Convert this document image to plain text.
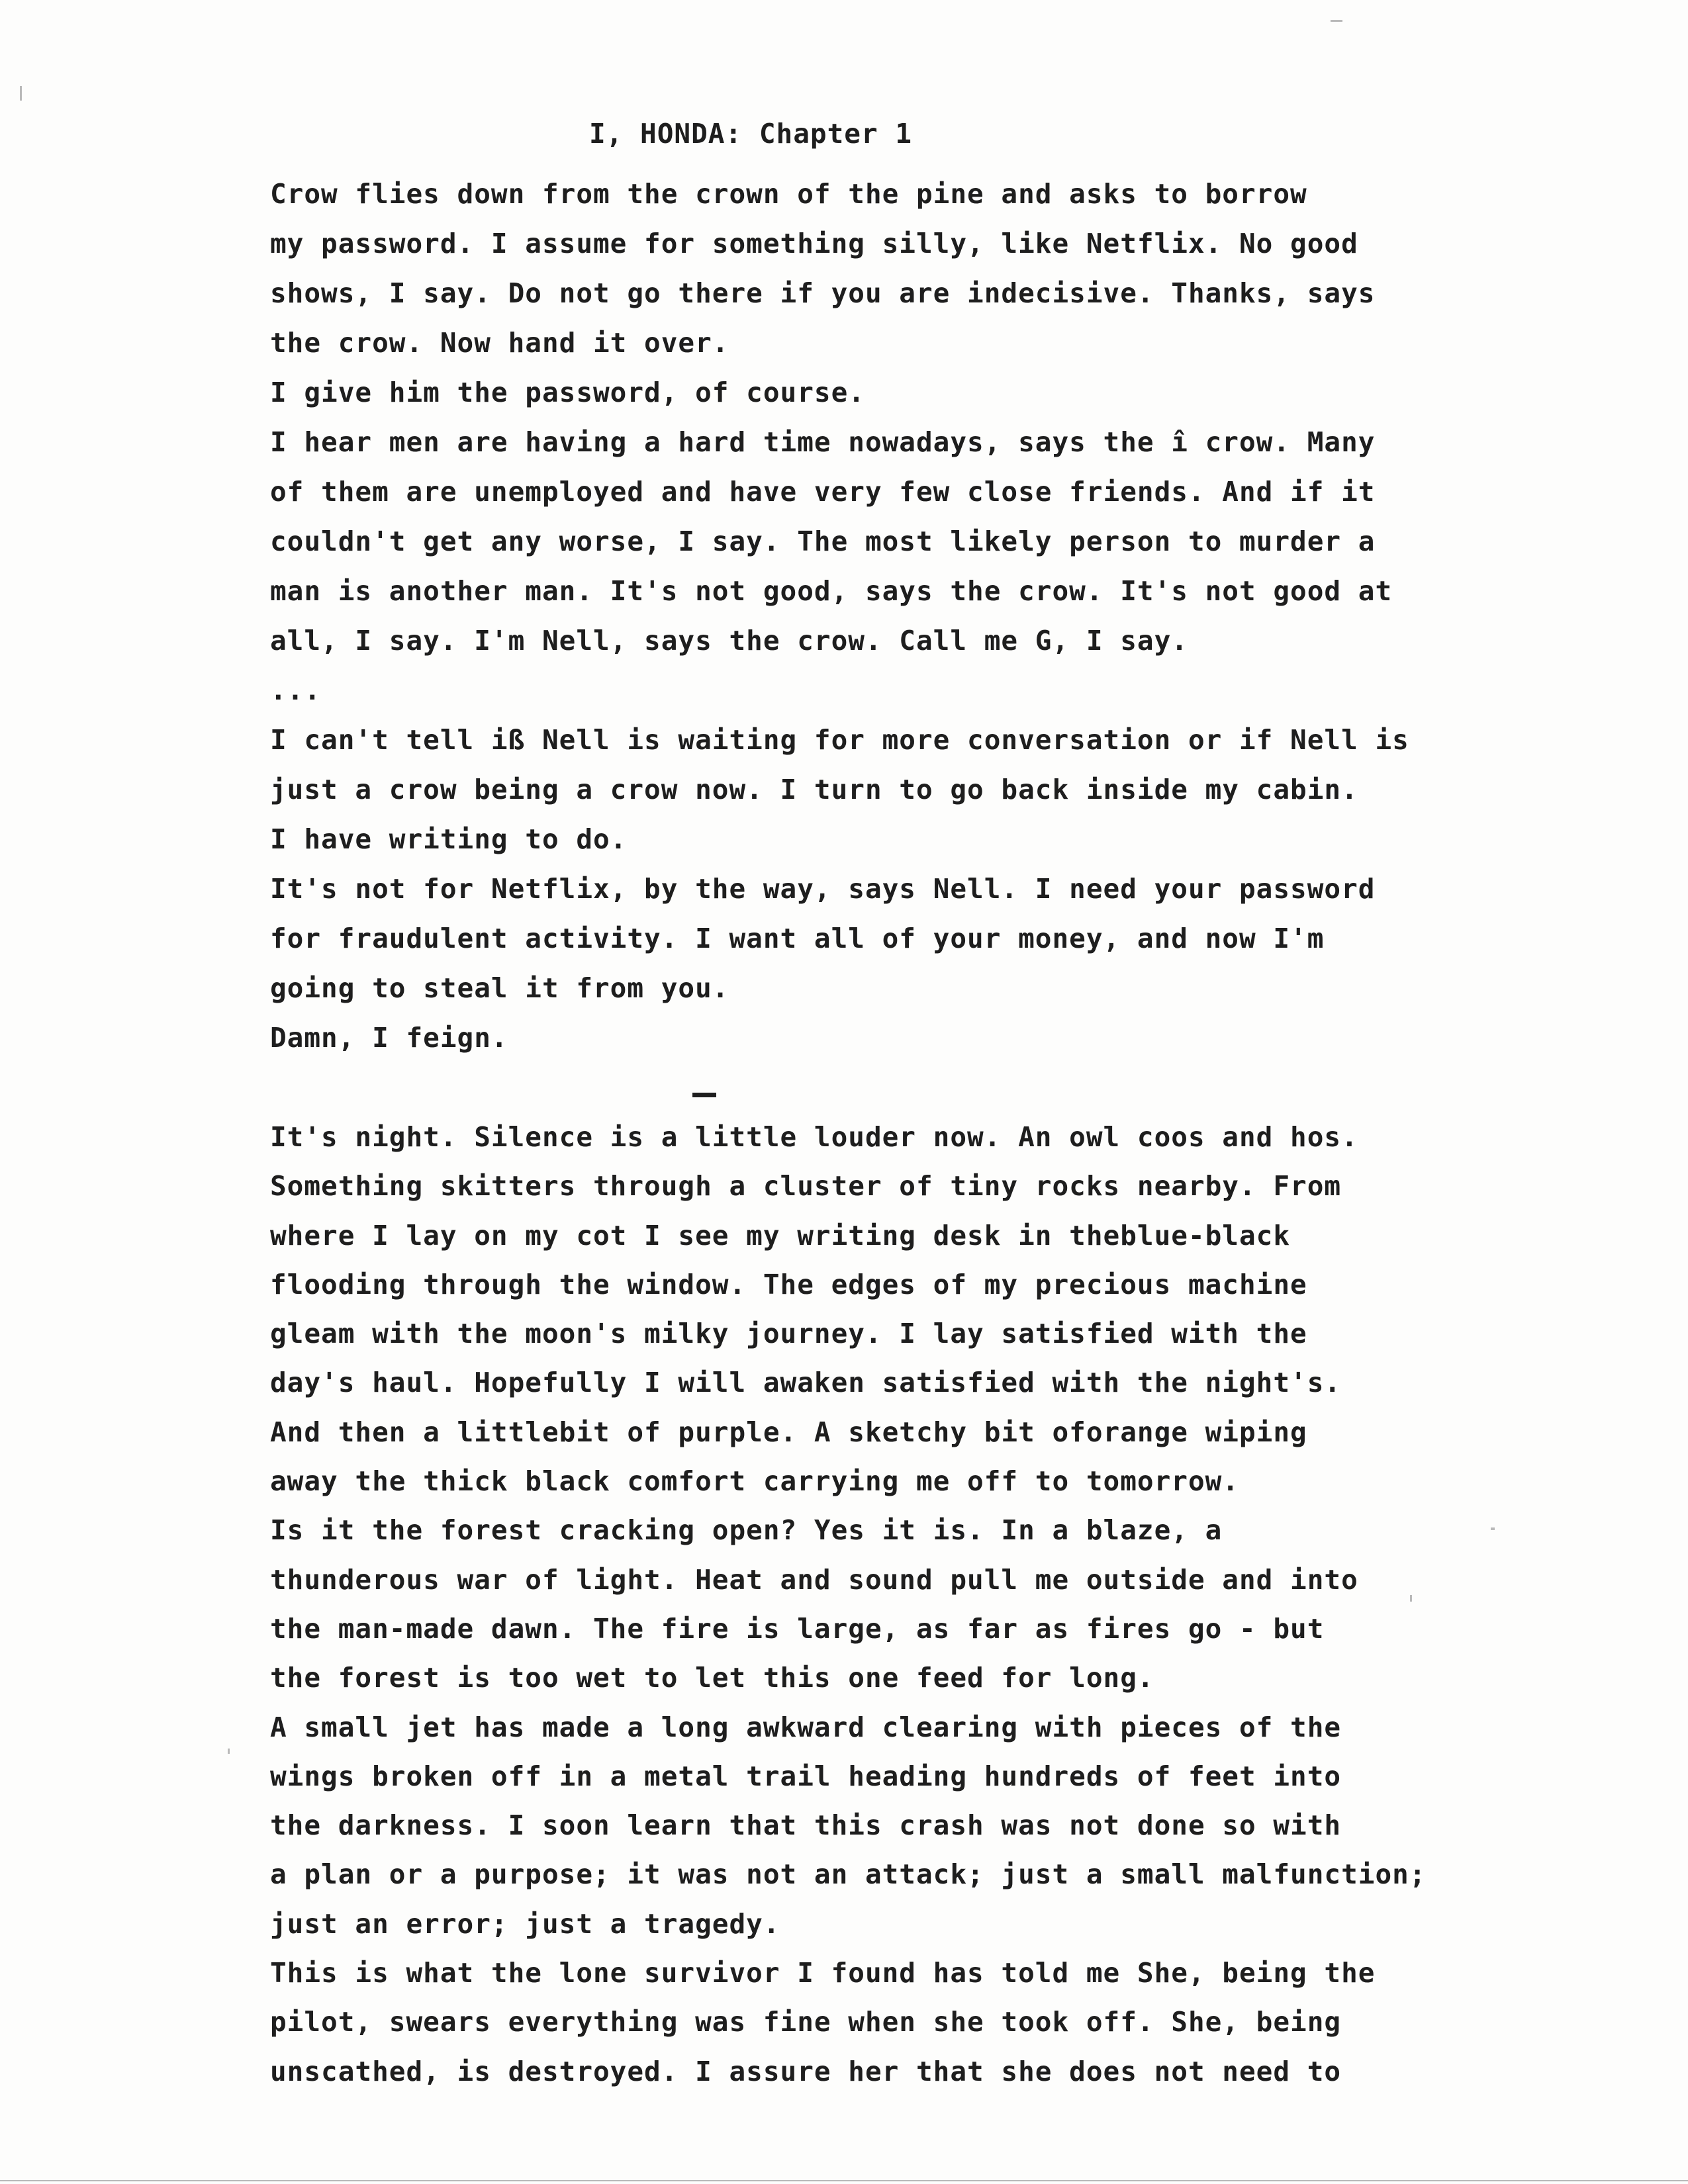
I, HONDA: Chapter 1
Crow flies down from the crown of the pine and asks to borrow
my password. I assume for something silly, like Netflix. No good
shows, I say. Do not go there if you are indecisive. Thanks, says
the crow. Now hand it over.
I give him the password, of course.
I hear men are having a hard time nowadays, says the î crow. Many
of them are unemployed and have very few close friends. And if it
couldn't get any worse, I say. The most likely person to murder a
man is another man. It's not good, says the crow. It's not good at
all, I say. I'm Nell, says the crow. Call me G, I say.
...
I can't tell iß Nell is waiting for more conversation or if Nell is
just a crow being a crow now. I turn to go back inside my cabin.
I have writing to do.
It's not for Netflix, by the way, says Nell. I need your password
for fraudulent activity. I want all of your money, and now I'm
going to steal it from you.
Damn, I feign.
It's night. Silence is a little louder now. An owl coos and hos.
Something skitters through a cluster of tiny rocks nearby. From
where I lay on my cot I see my writing desk in theblue-black
flooding through the window. The edges of my precious machine
gleam with the moon's milky journey. I lay satisfied with the
day's haul. Hopefully I will awaken satisfied with the night's.
And then a littlebit of purple. A sketchy bit oforange wiping
away the thick black comfort carrying me off to tomorrow.
Is it the forest cracking open? Yes it is. In a blaze, a
thunderous war of light. Heat and sound pull me outside and into
the man-made dawn. The fire is large, as far as fires go - but
the forest is too wet to let this one feed for long.
A small jet has made a long awkward clearing with pieces of the
wings broken off in a metal trail heading hundreds of feet into
the darkness. I soon learn that this crash was not done so with
a plan or a purpose; it was not an attack; just a small malfunction;
just an error; just a tragedy.
This is what the lone survivor I found has told me She, being the
pilot, swears everything was fine when she took off. She, being
unscathed, is destroyed. I assure her that she does not need to
